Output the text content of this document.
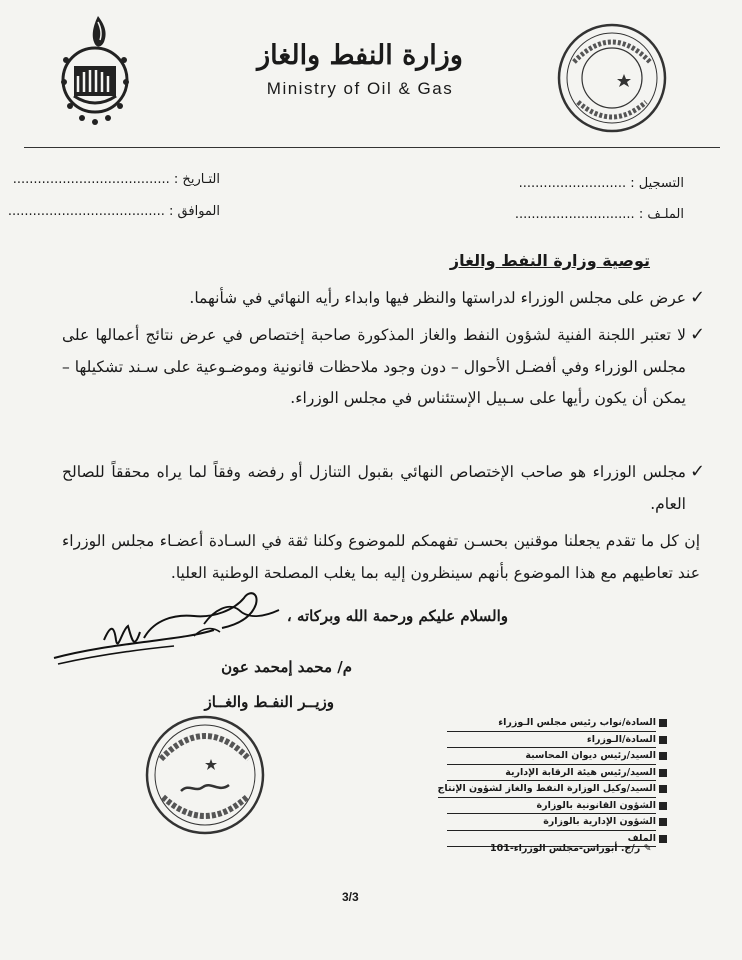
وزارة النفط والغاز
Ministry of Oil & Gas
التسجيل : ..........................
الملـف : .............................
التـاريخ : ......................................
الموافق : ......................................
توصية وزارة النفط والغاز
✓
عرض على مجلس الوزراء لدراستها والنظر فيها وابداء رأيه النهائي في شأنهما.
✓
لا تعتبر اللجنة الفنية لشؤون النفط والغاز المذكورة صاحبة إختصاص في عرض نتائج أعمالها على مجلس الوزراء وفي أفضـل الأحوال – دون وجود ملاحظات قانونية وموضـوعية على سـند تشكيلها – يمكن أن يكون رأيها على سـبيل الإستئناس في مجلس الوزراء.
✓
مجلس الوزراء هو صاحب الإختصاص النهائي بقبول التنازل أو رفضه وفقاً لما يراه محققاً للصالح العام.
إن كل ما تقدم يجعلنا موقنين بحسـن تفهمكم للموضوع وكلنا ثقة في السـادة أعضـاء مجلس الوزراء عند تعاطيهم مع هذا الموضوع بأنهم سينظرون إليه بما يغلب المصلحة الوطنية العليا.
والسلام عليكم ورحمة الله وبركاته ،
م/ محمد إمحمد عون
وزيــر النفـط والغــاز
السادة/نواب رئيس مجلس الـوزراء
السادة/الـوزراء
السيد/رئيس ديوان المحاسبة
السيد/رئيس هيئة الرقابة الإدارية
السيد/وكيل الوزارة النفط والغاز لشؤون الإنتاج
الشؤون القانونية بالوزارة
الشؤون الإدارية بالوزارة
الملف
✎ ر/ج. أبوراس-مجلس الوزراء-101
3/3
